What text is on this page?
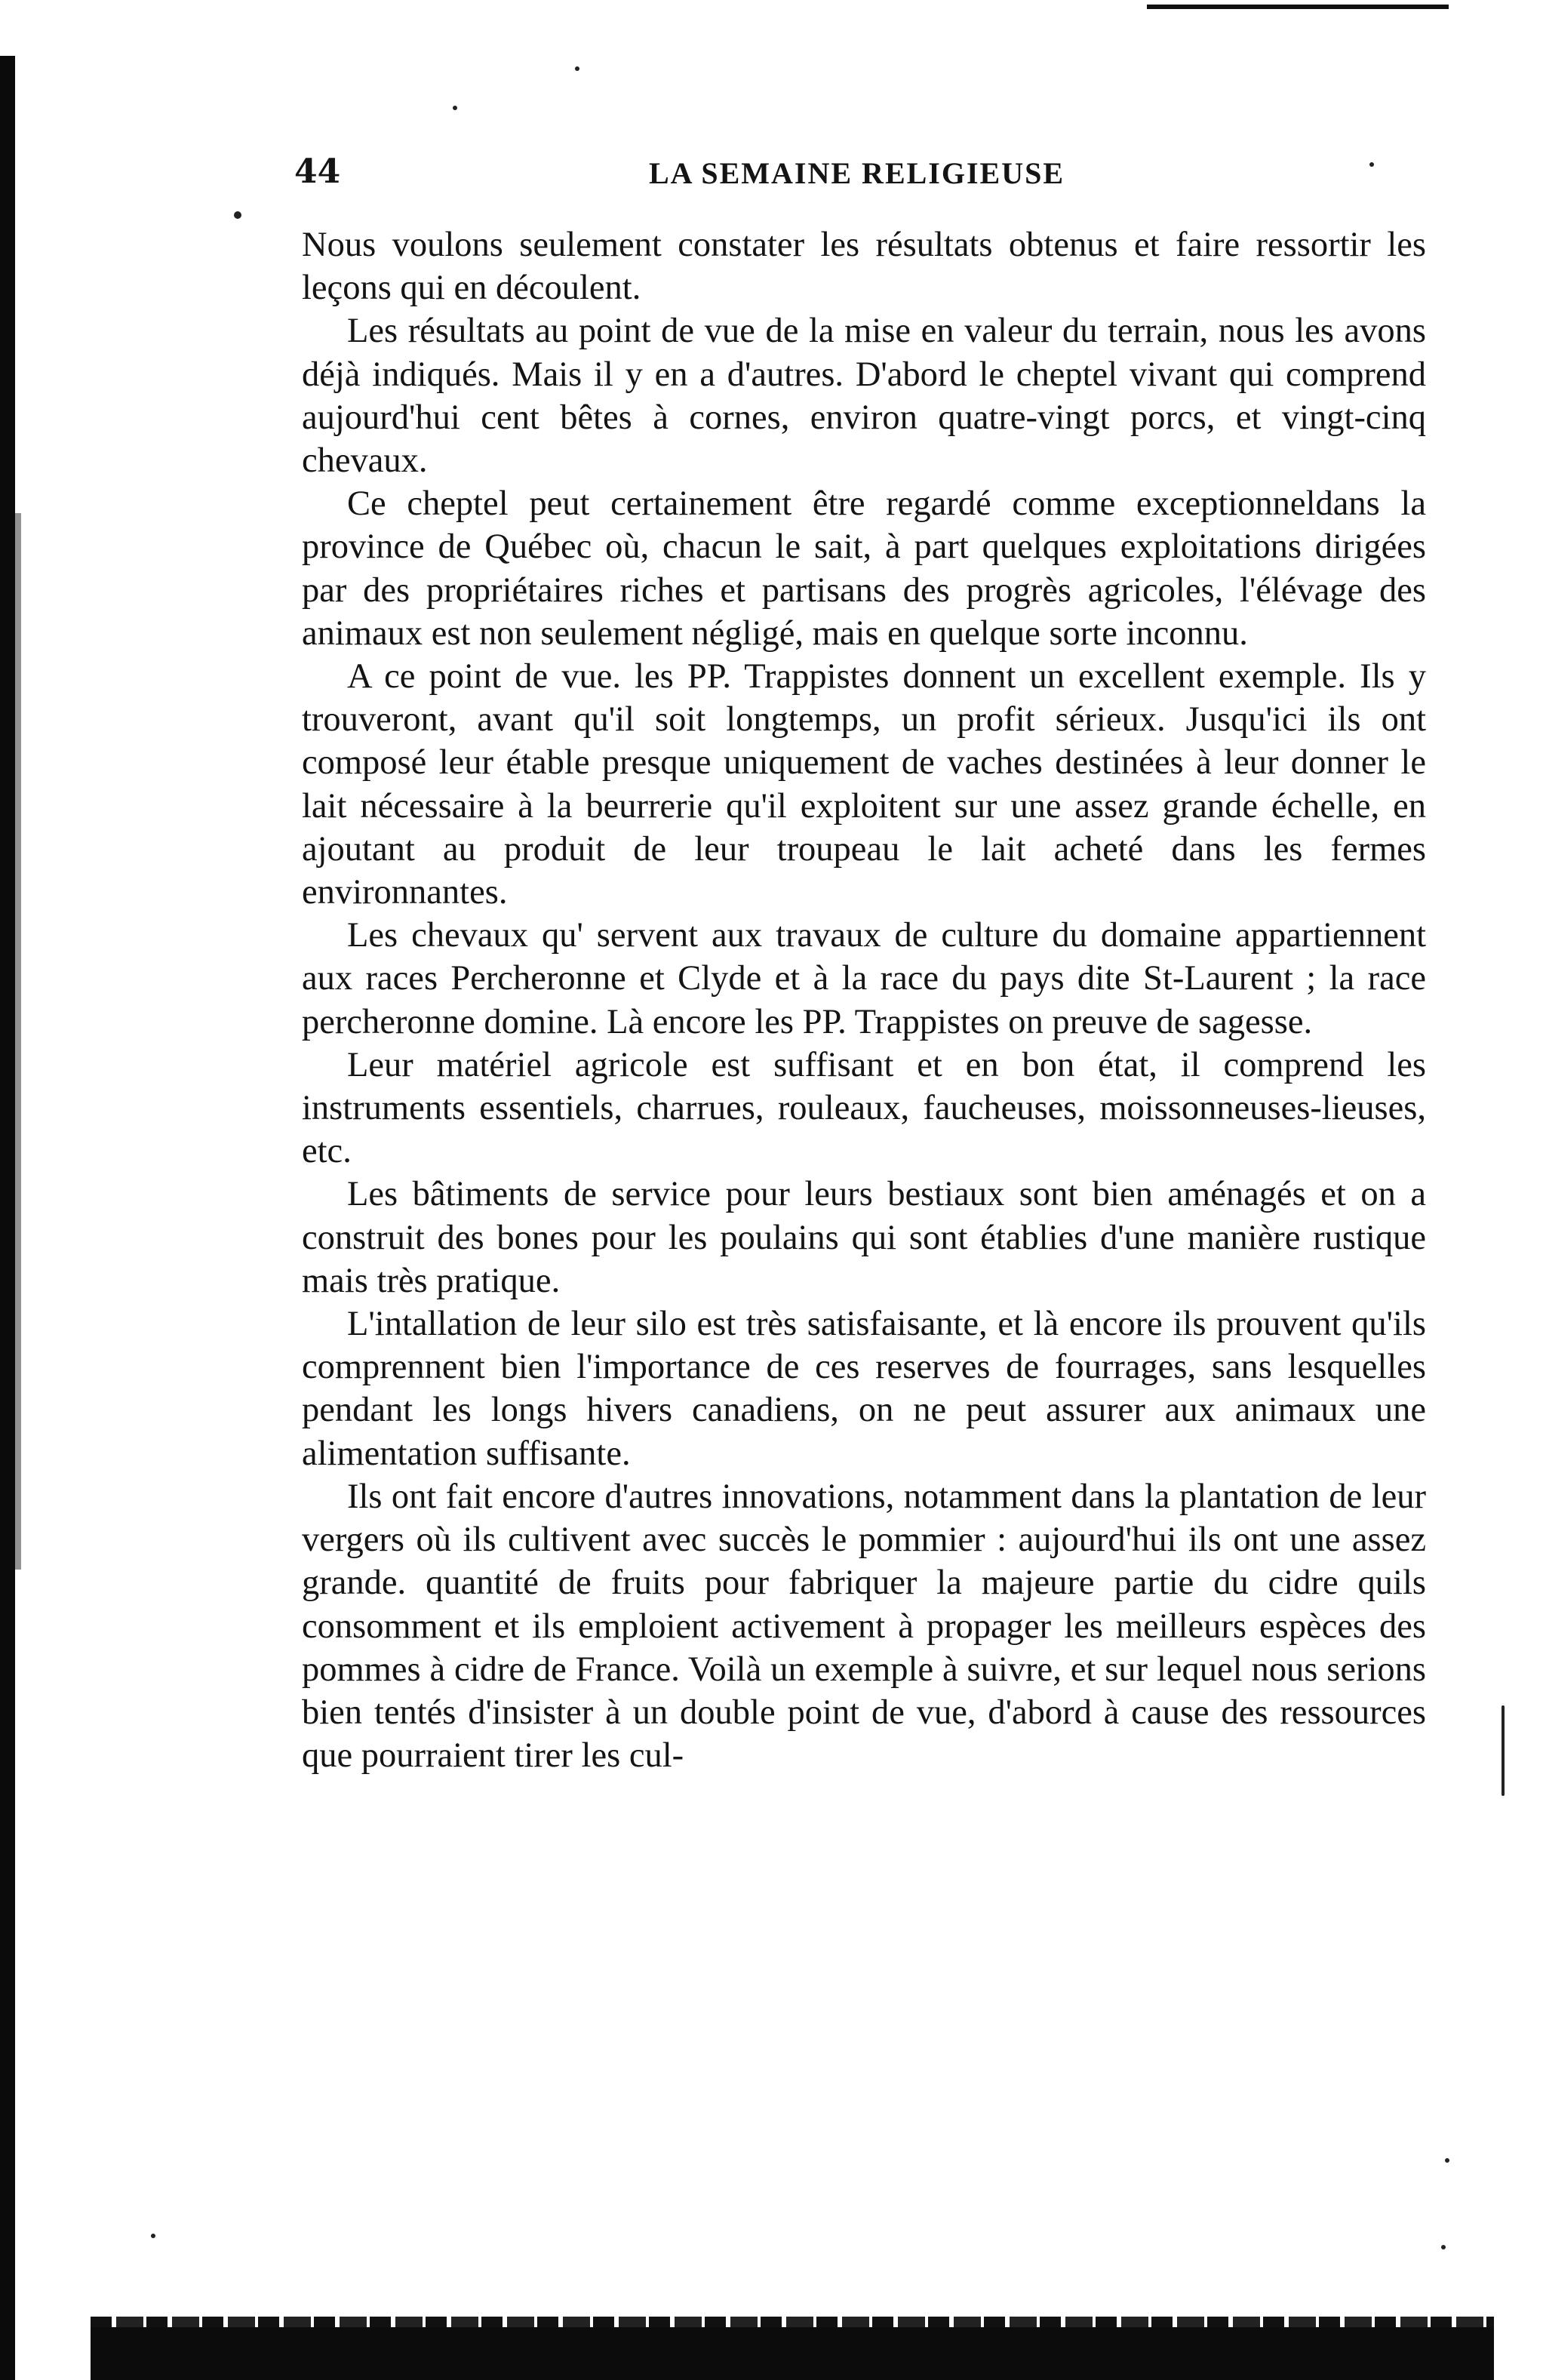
44	LA SEMAINE RELIGIEUSE

Nous voulons seulement constater les résultats obtenus et faire ressortir les leçons qui en découlent.

Les résultats au point de vue de la mise en valeur du terrain, nous les avons déjà indiqués. Mais il y en a d'autres. D'abord le cheptel vivant qui comprend aujourd'hui cent bêtes à cornes, environ quatre-vingt porcs, et vingt-cinq chevaux.

Ce cheptel peut certainement être regardé comme exceptionneldans la province de Québec où, chacun le sait, à part quelques exploitations dirigées par des propriétaires riches et partisans des progrès agricoles, l'élévage des animaux est non seulement négligé, mais en quelque sorte inconnu.

A ce point de vue. les PP. Trappistes donnent un excellent exemple. Ils y trouveront, avant qu'il soit longtemps, un profit sérieux. Jusqu'ici ils ont composé leur étable presque uniquement de vaches destinées à leur donner le lait nécessaire à la beurrerie qu'il exploitent sur une assez grande échelle, en ajoutant au produit de leur troupeau le lait acheté dans les fermes environnantes.

Les chevaux qu' servent aux travaux de culture du domaine appartiennent aux races Percheronne et Clyde et à la race du pays dite St-Laurent ; la race percheronne domine. Là encore les PP. Trappistes on preuve de sagesse.

Leur matériel agricole est suffisant et en bon état, il comprend les instruments essentiels, charrues, rouleaux, faucheuses, moissonneuses-lieuses, etc.

Les bâtiments de service pour leurs bestiaux sont bien aménagés et on a construit des bones pour les poulains qui sont établies d'une manière rustique mais très pratique.

L'intallation de leur silo est très satisfaisante, et là encore ils prouvent qu'ils comprennent bien l'importance de ces reserves de fourrages, sans lesquelles pendant les longs hivers canadiens, on ne peut assurer aux animaux une alimentation suffisante.

Ils ont fait encore d'autres innovations, notamment dans la plantation de leur vergers où ils cultivent avec succès le pommier : aujourd'hui ils ont une assez grande. quantité de fruits pour fabriquer la majeure partie du cidre quils consomment et ils emploient activement à propager les meilleurs espèces des pommes à cidre de France. Voilà un exemple à suivre, et sur lequel nous serions bien tentés d'insister à un double point de vue, d'abord à cause des ressources que pourraient tirer les cul-
